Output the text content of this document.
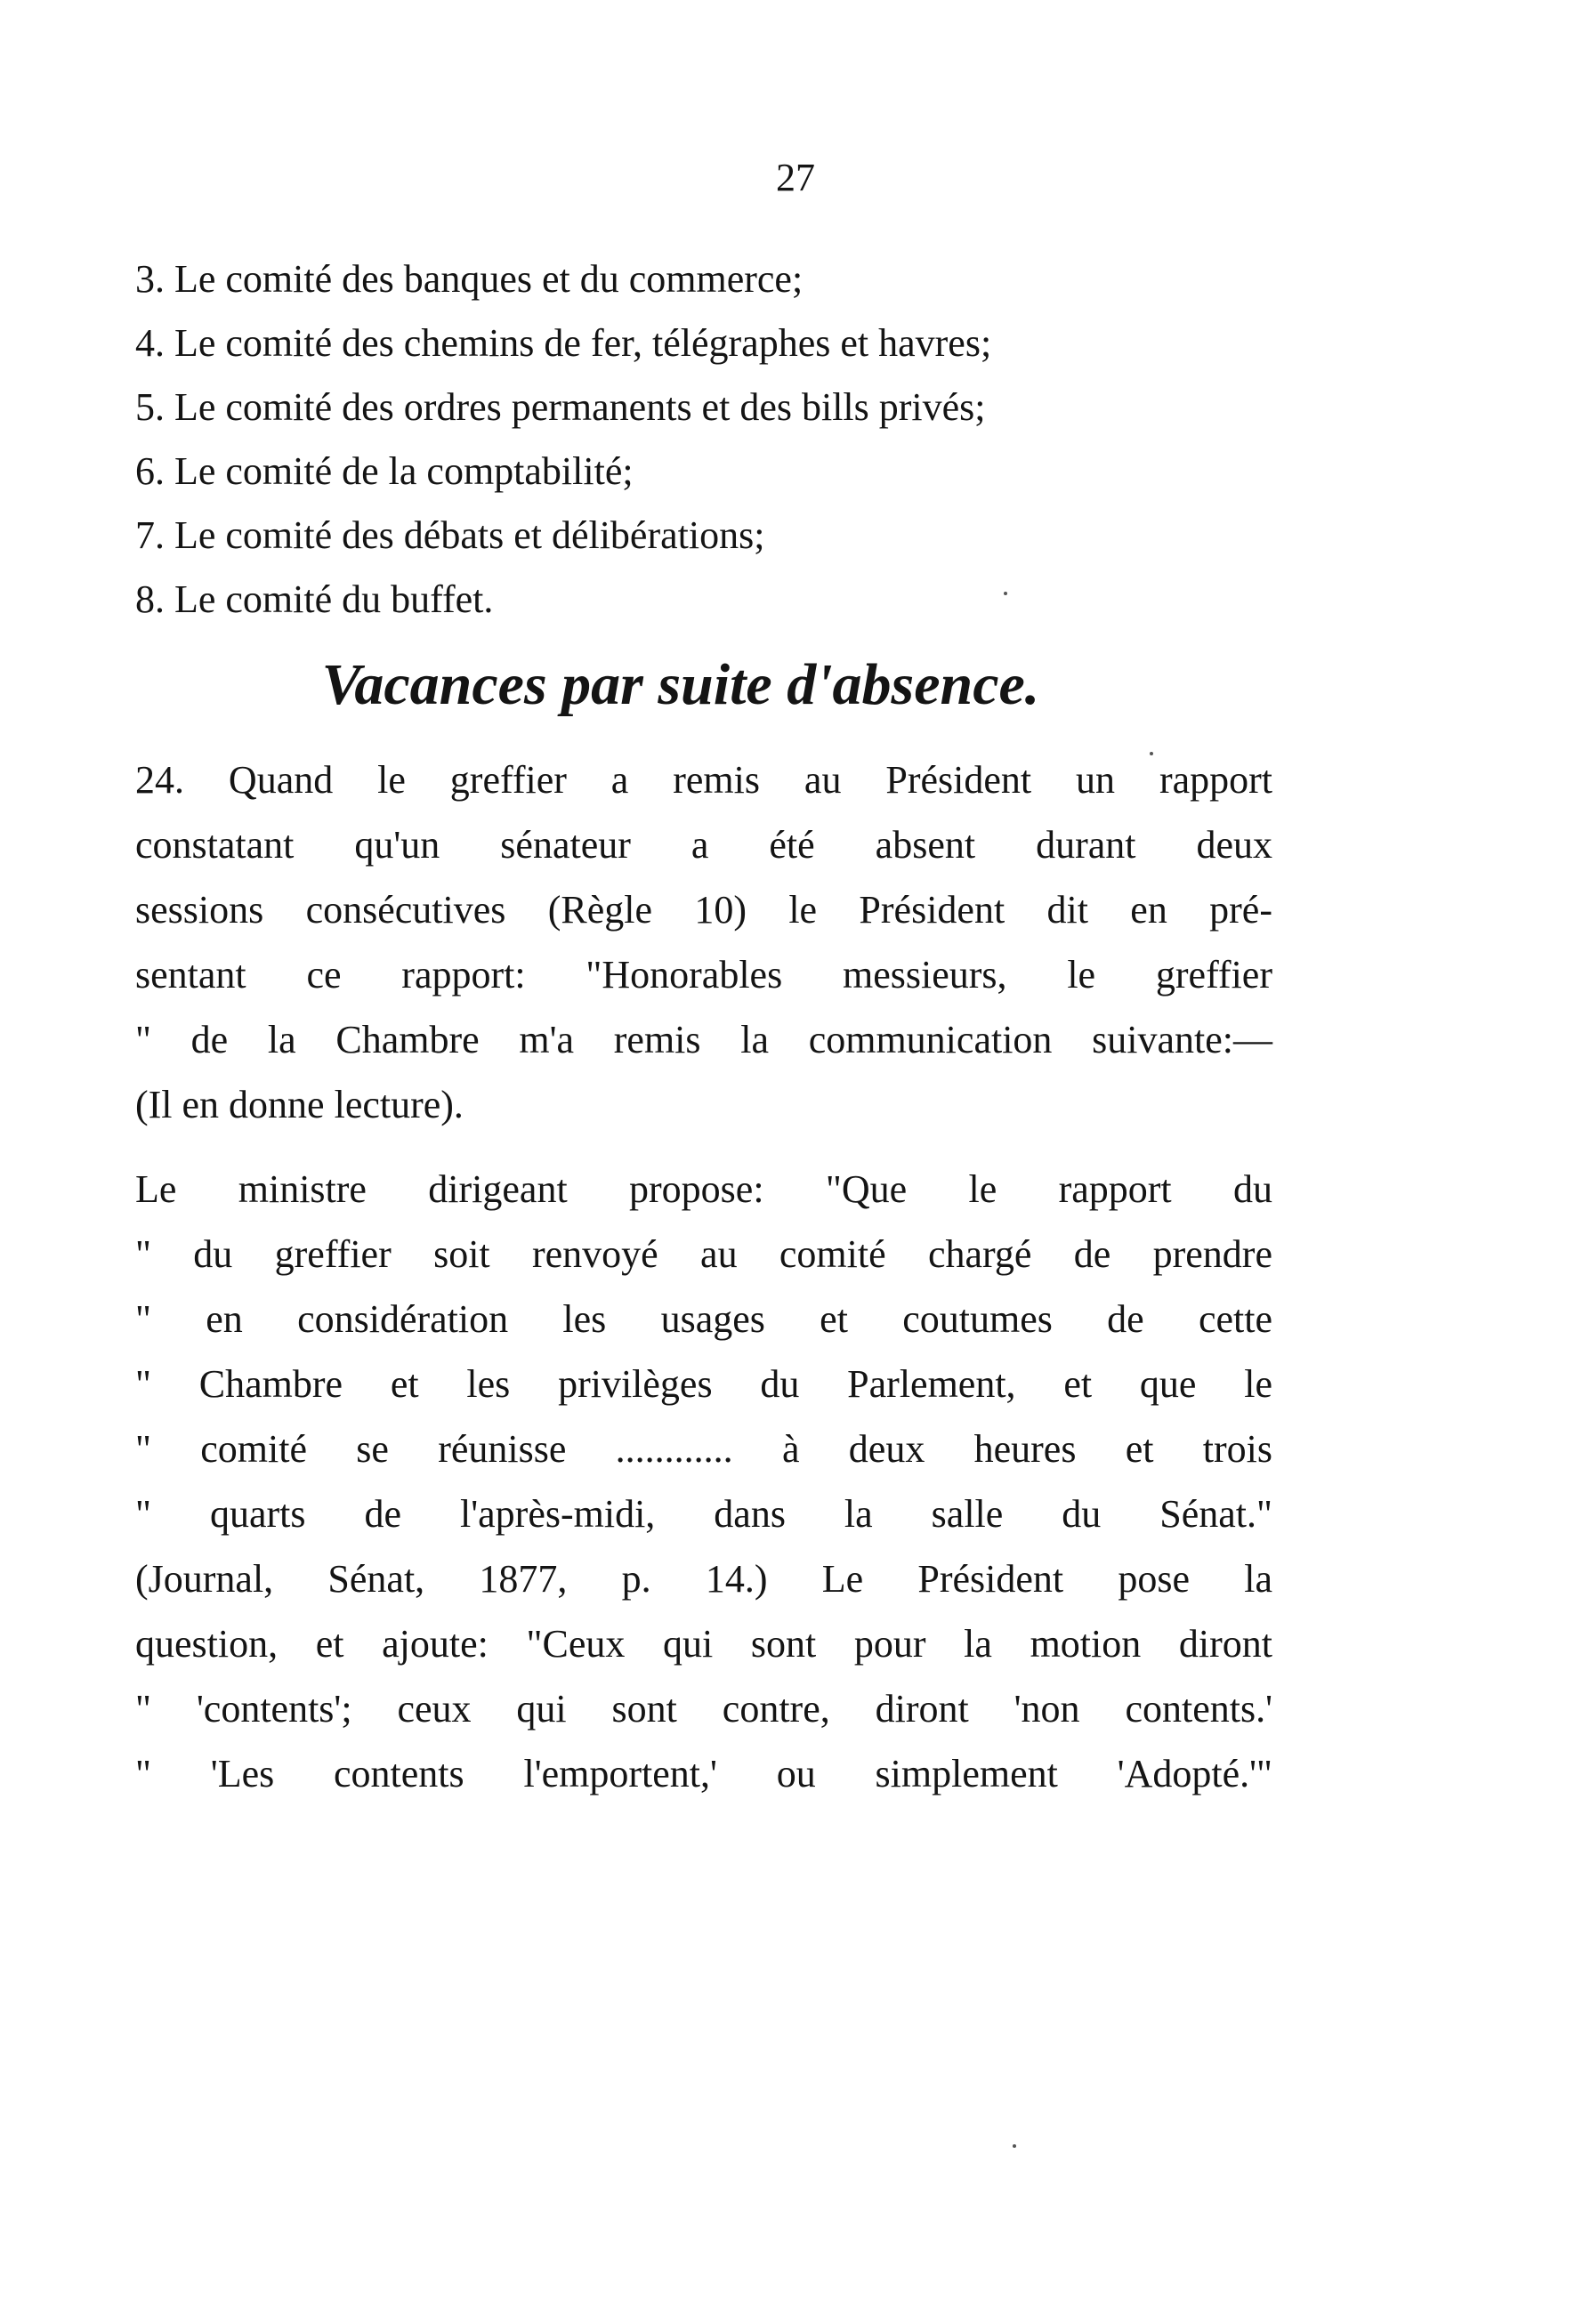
27

3. Le comité des banques et du commerce;

4. Le comité des chemins de fer, télégraphes et havres;

5. Le comité des ordres permanents et des bills privés;

6. Le comité de la comptabilité;

7. Le comité des débats et délibérations;

8. Le comité du buffet.

Vacances par suite d'absence.

24. Quand le greffier a remis au Président un rapport
constatant qu'un sénateur a été absent durant deux
sessions consécutives (Règle 10) le Président dit en pré-
sentant ce rapport: "Honorables messieurs, le greffier
" de la Chambre m'a remis la communication suivante:—
(Il en donne lecture).

Le ministre dirigeant propose: "Que le rapport du
" du greffier soit renvoyé au comité chargé de prendre
" en considération les usages et coutumes de cette
" Chambre et les privilèges du Parlement, et que le
" comité se réunisse ............ à deux heures et trois
" quarts de l'après-midi, dans la salle du Sénat."
(Journal, Sénat, 1877, p. 14.) Le Président pose la
question, et ajoute: "Ceux qui sont pour la motion diront
" 'contents'; ceux qui sont contre, diront 'non contents.'
" 'Les contents l'emportent,' ou simplement 'Adopté.'"
